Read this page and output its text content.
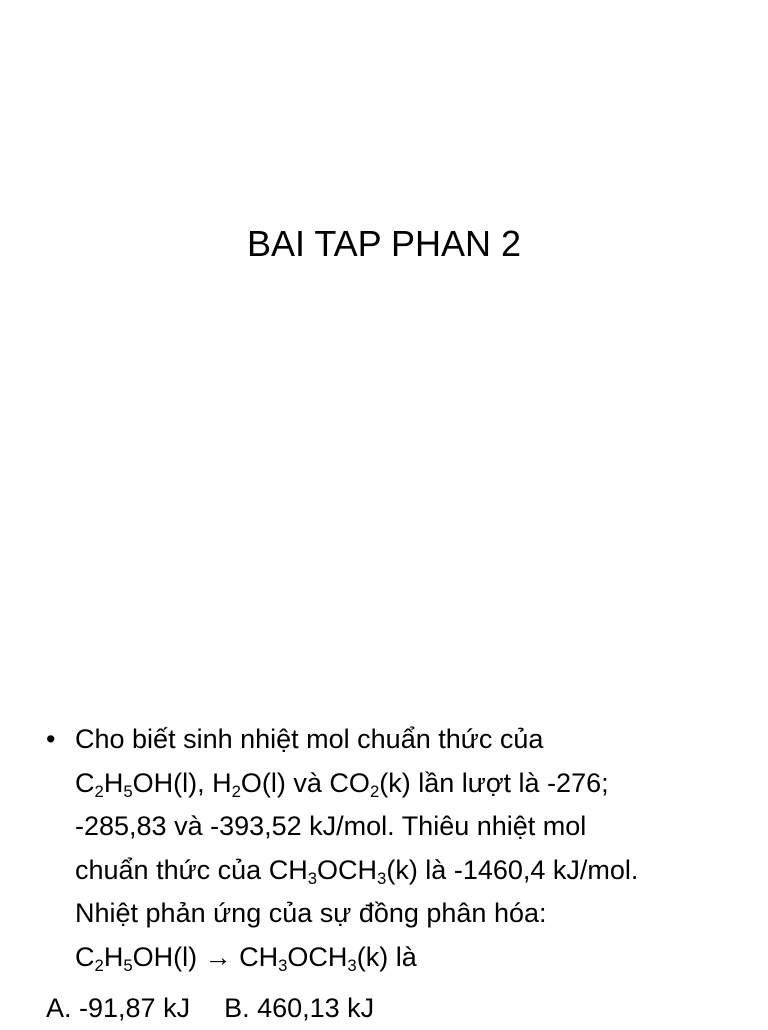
BAI TAP PHAN 2
• Cho biết sinh nhiệt mol chuẩn thức của
$C_2H_5OH(l)$, $H_2O(l)$ và $CO_2(k)$ lần lượt là -276;
-285,83 và -393,52 kJ/mol. Thiêu nhiệt mol
chuẩn thức của $CH_3OCH_3(k)$ là -1460,4 kJ/mol.
Nhiệt phản ứng của sự đồng phân hóa:
$C_2H_5OH(l) \to CH_3OCH_3(k)$ là
A. -91,87 kJ B. 460,13 kJ
